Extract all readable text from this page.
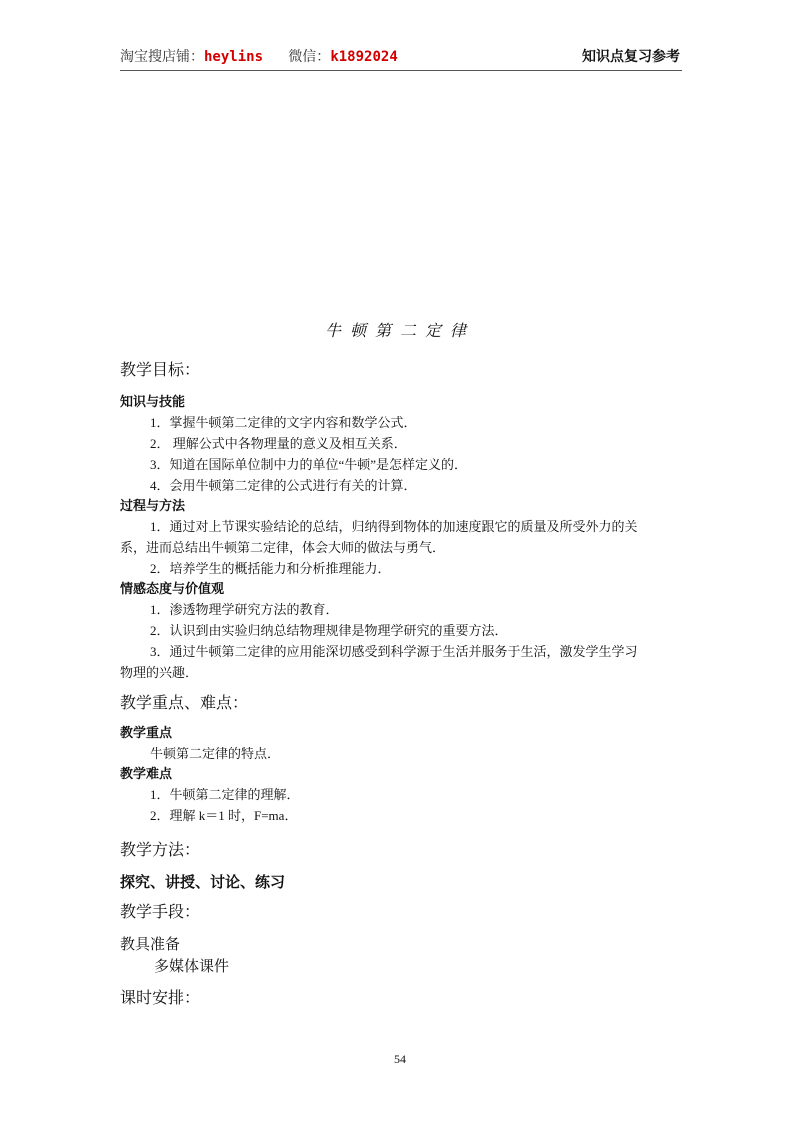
淘宝搜店铺：heylins 微信：k1892024	知识点复习参考
牛顿第二定律

教学目标：

知识与技能

1．掌握牛顿第二定律的文字内容和数学公式．

2． 理解公式中各物理量的意义及相互关系．

3．知道在国际单位制中力的单位“牛顿”是怎样定义的．

4．会用牛顿第二定律的公式进行有关的计算．

过程与方法

1．通过对上节课实验结论的总结，归纳得到物体的加速度跟它的质量及所受外力的关

系，进而总结出牛顿第二定律，体会大师的做法与勇气．

2．培养学生的概括能力和分析推理能力．

情感态度与价值观

1．渗透物理学研究方法的教育．

2．认识到由实验归纳总结物理规律是物理学研究的重要方法．

3．通过牛顿第二定律的应用能深切感受到科学源于生活并服务于生活，激发学生学习

物理的兴趣．

教学重点、难点：

教学重点

牛顿第二定律的特点．

教学难点

1．牛顿第二定律的理解．

2．理解 k＝1 时，F=ma．

教学方法：

探究、讲授、讨论、练习

教学手段：

教具准备

多媒体课件

课时安排：

54
